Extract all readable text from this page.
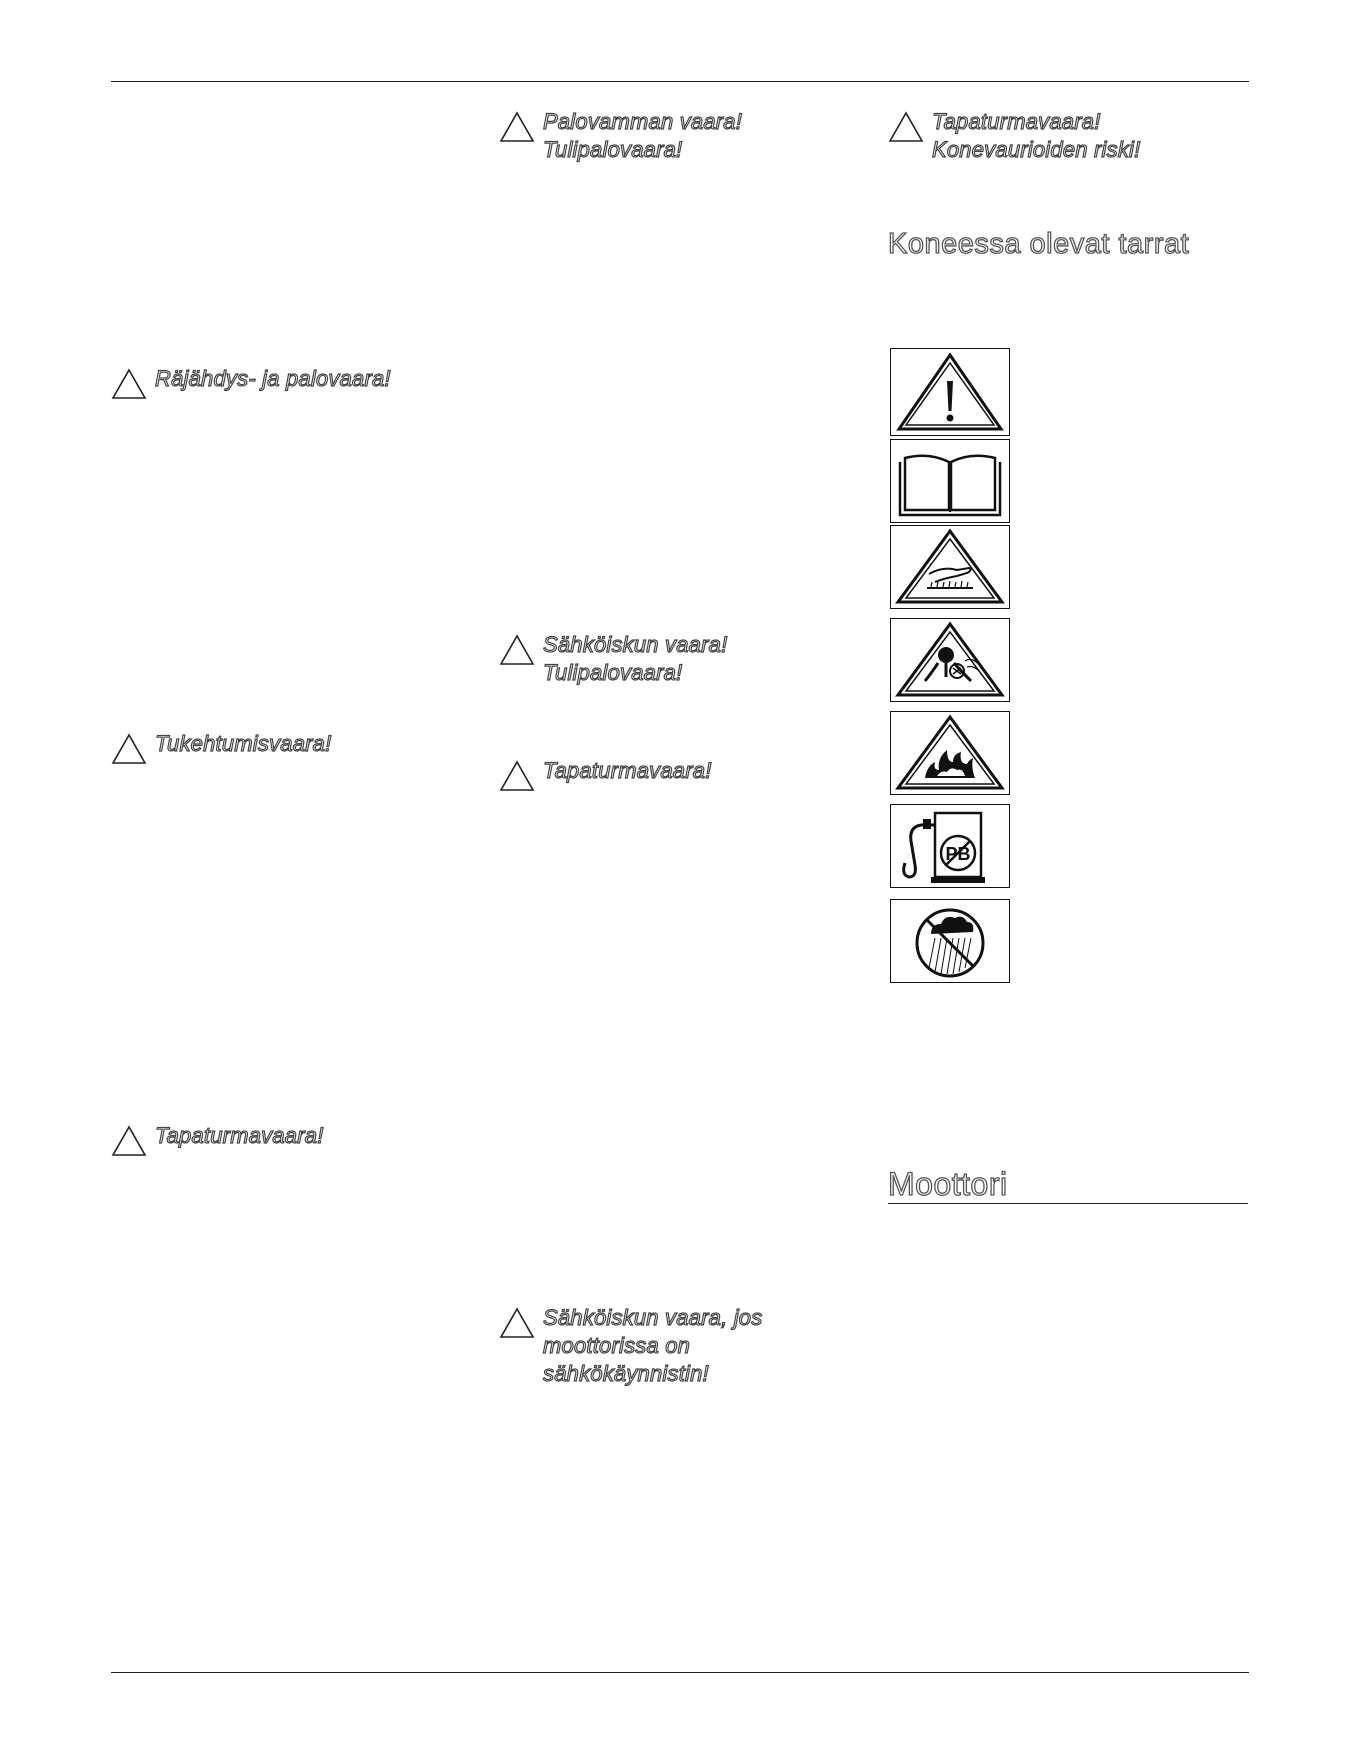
Räjähdys- ja palovaara!
Tukehtumisvaara!
Tapaturmavaara!
Palovamman vaara!
Tulipalovaara!
Sähköiskun vaara!
Tulipalovaara!
Tapaturmavaara!
Sähköiskun vaara, jos
moottorissa on
sähkökäynnistin!
Tapaturmavaara!
Konevaurioiden riski!
Koneessa olevat tarrat
PB
Moottori
